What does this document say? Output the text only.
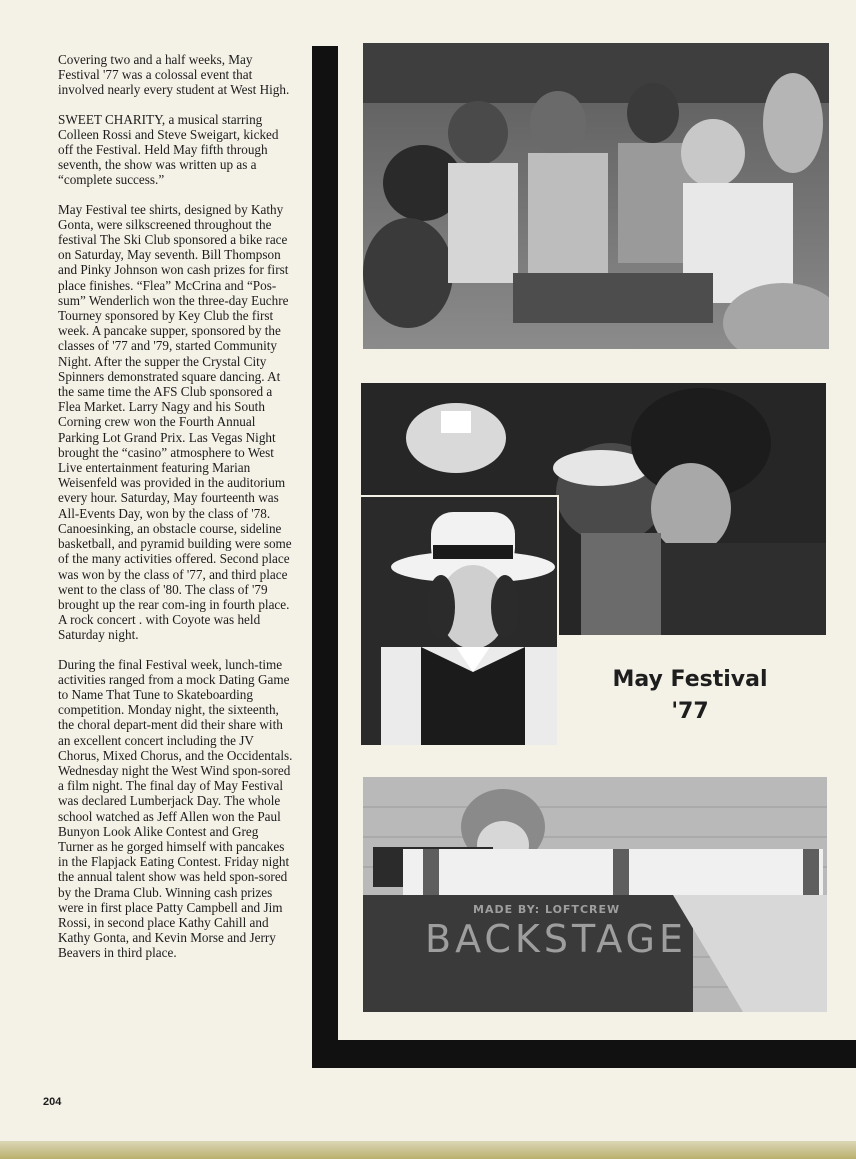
Covering two and a half weeks, May Festival '77 was a colossal event that involved nearly every student at West High.

SWEET CHARITY, a musical starring Colleen Rossi and Steve Sweigart, kicked off the Festival. Held May fifth through seventh, the show was written up as a “complete success.”

May Festival tee shirts, designed by Kathy Gonta, were silkscreened throughout the festival The Ski Club sponsored a bike race on Saturday, May seventh. Bill Thompson and Pinky Johnson won cash prizes for first place finishes. “Flea” McCrina and “Pos-sum” Wenderlich won the three-day Euchre Tourney sponsored by Key Club the first week. A pancake supper, sponsored by the classes of '77 and '79, started Community Night. After the supper the Crystal City Spinners demonstrated square dancing. At the same time the AFS Club sponsored a Flea Market. Larry Nagy and his South Corning crew won the Fourth Annual Parking Lot Grand Prix. Las Vegas Night brought the “casino” atmosphere to West Live entertainment featuring Marian Weisenfeld was provided in the auditorium every hour. Saturday, May fourteenth was All-Events Day, won by the class of '78. Canoesinking, an obstacle course, sideline basketball, and pyramid building were some of the many activities offered. Second place was won by the class of '77, and third place went to the class of '80. The class of '79 brought up the rear com-ing in fourth place. A rock concert . with Coyote was held Saturday night.

During the final Festival week, lunch-time activities ranged from a mock Dating Game to Name That Tune to Skateboarding competition. Monday night, the sixteenth, the choral depart-ment did their share with an excellent concert including the JV Chorus, Mixed Chorus, and the Occidentals. Wednesday night the West Wind spon-sored a film night. The final day of May Festival was declared Lumberjack Day. The whole school watched as Jeff Allen won the Paul Bunyon Look Alike Contest and Greg Turner as he gorged himself with pancakes in the Flapjack Eating Contest. Friday night the annual talent show was held spon-sored by the Drama Club. Winning cash prizes were in first place Patty Campbell and Jim Rossi, in second place Kathy Cahill and Kathy Gonta, and Kevin Morse and Jerry Beavers in third place.

204
MADE BY: LOFTCREW
BACKSTAGE
May Festival
'77
